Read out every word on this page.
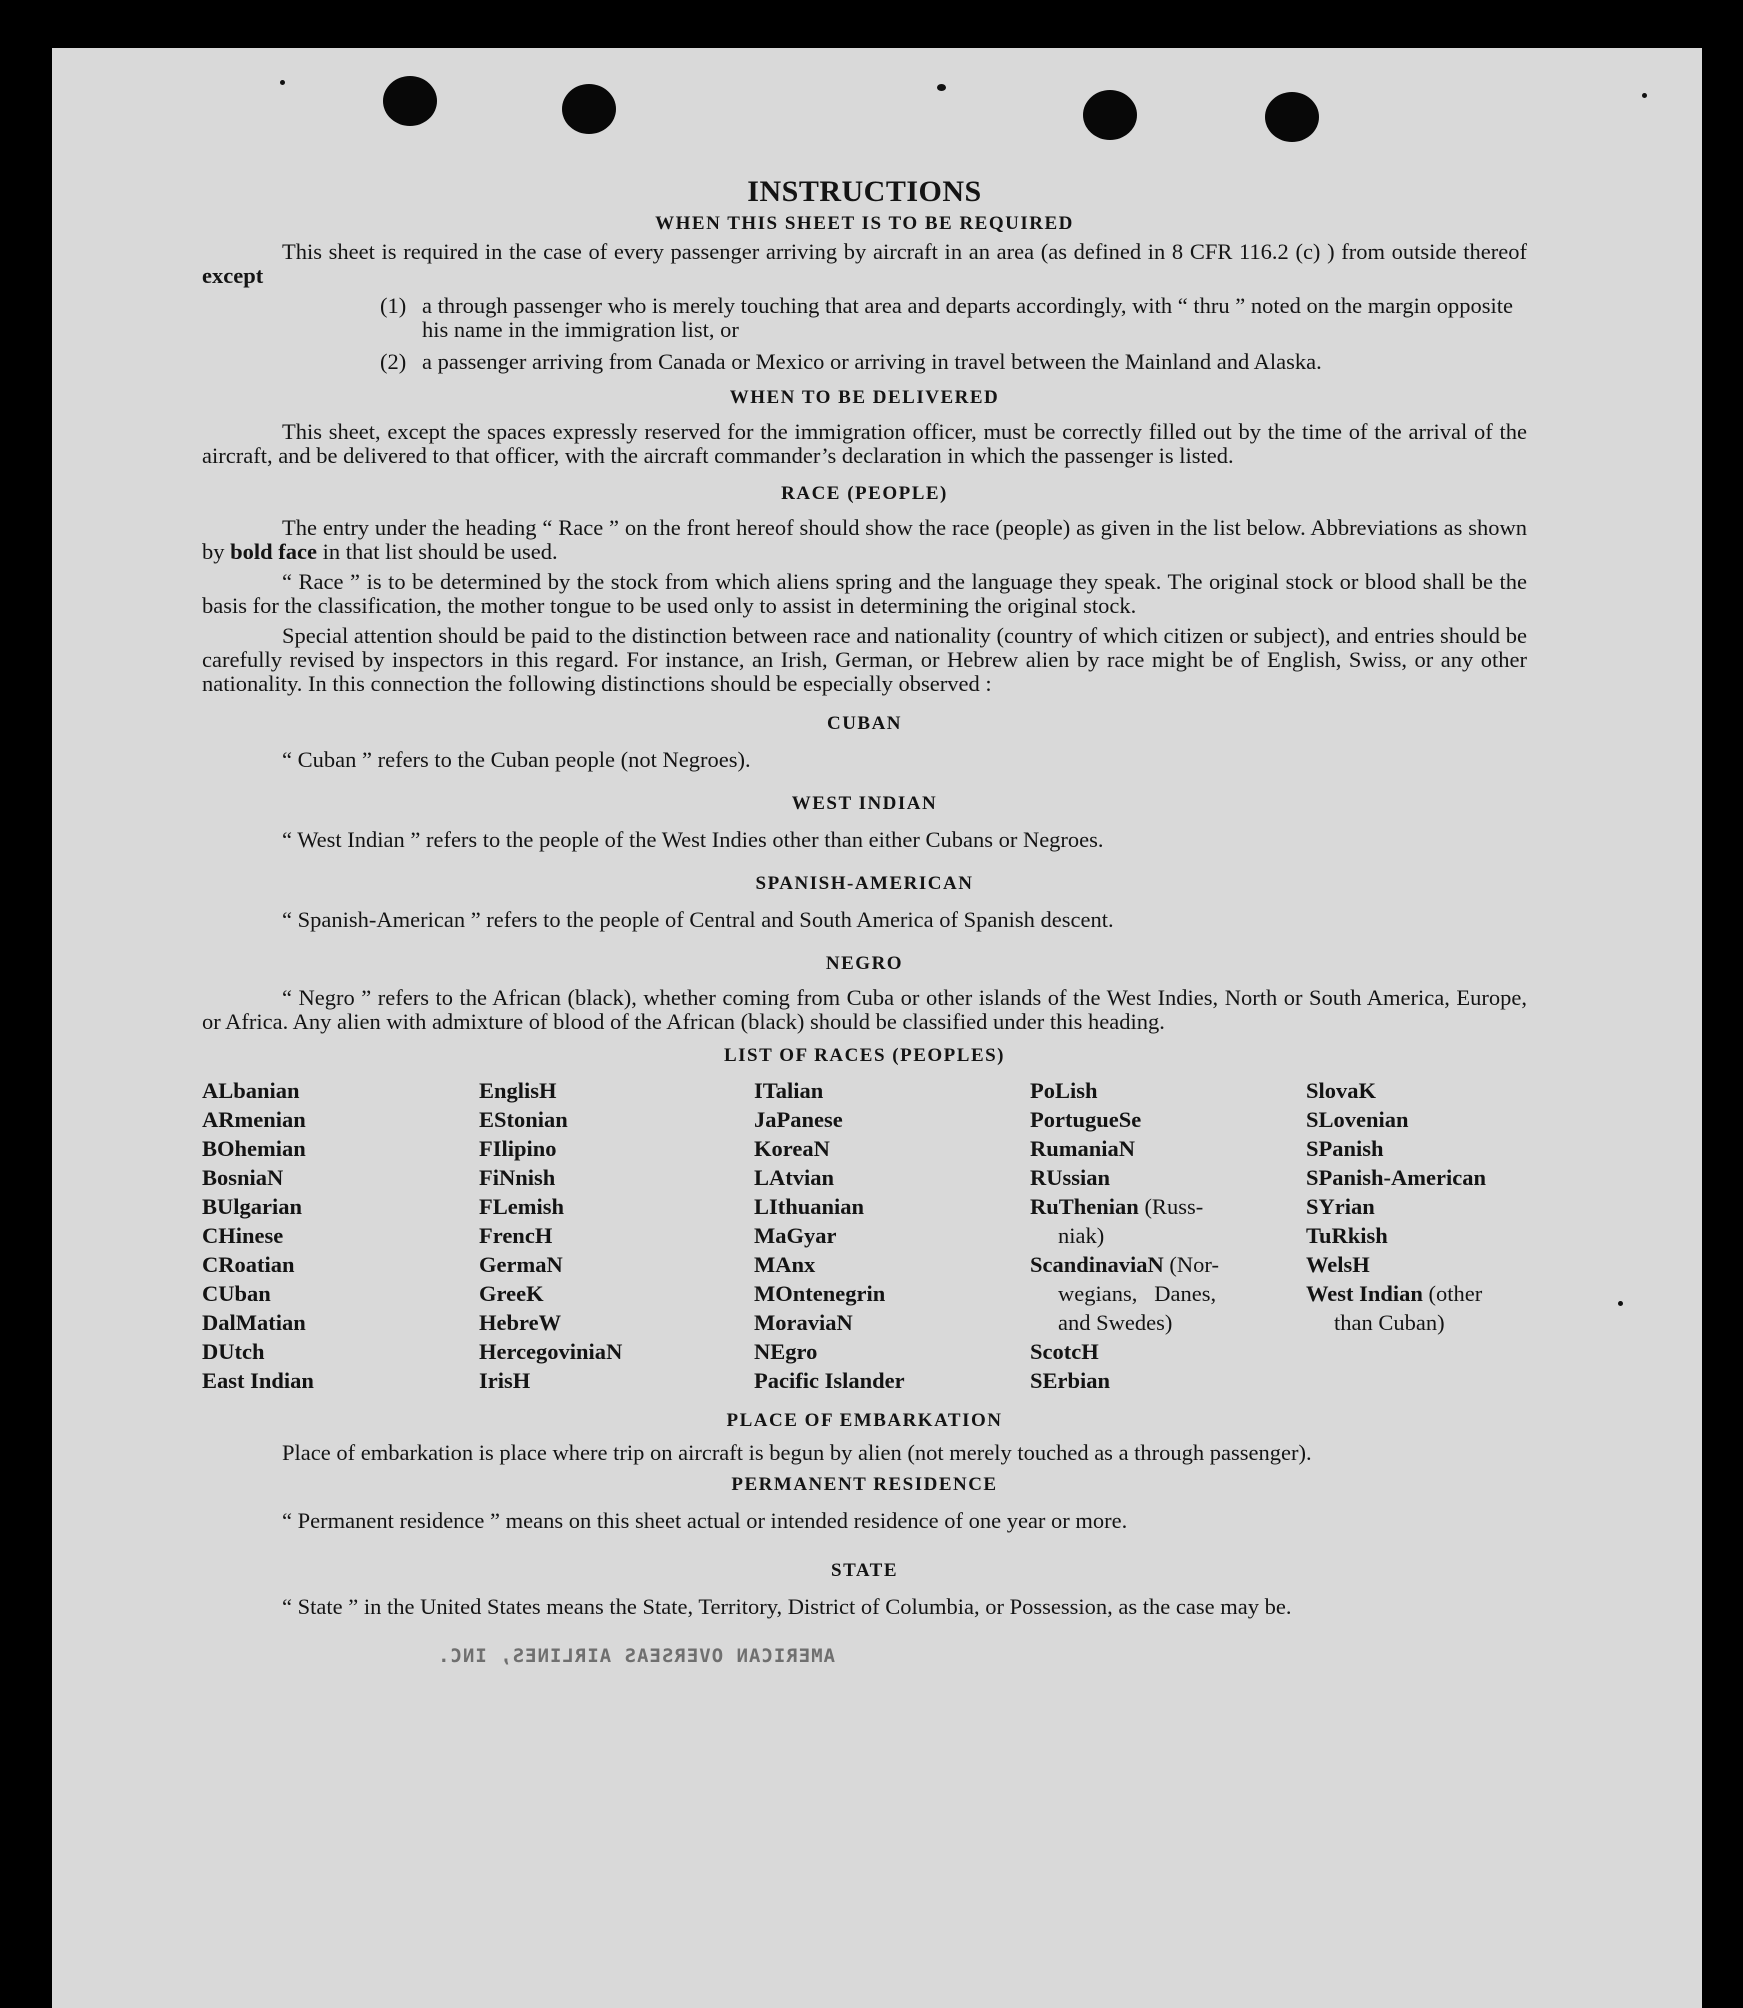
INSTRUCTIONS
WHEN THIS SHEET IS TO BE REQUIRED

This sheet is required in the case of every passenger arriving by aircraft in an area (as defined in 8 CFR 116.2 (c) ) from outside thereof except

(1) a through passenger who is merely touching that area and departs accordingly, with “ thru ” noted on the margin opposite his name in the immigration list, or
(2) a passenger arriving from Canada or Mexico or arriving in travel between the Mainland and Alaska.
WHEN TO BE DELIVERED

This sheet, except the spaces expressly reserved for the immigration officer, must be correctly filled out by the time of the arrival of the aircraft, and be delivered to that officer, with the aircraft commander’s declaration in which the passenger is listed.

RACE (PEOPLE)

The entry under the heading “ Race ” on the front hereof should show the race (people) as given in the list below. Abbreviations as shown by bold face in that list should be used.

“ Race ” is to be determined by the stock from which aliens spring and the language they speak. The original stock or blood shall be the basis for the classification, the mother tongue to be used only to assist in determining the original stock.

Special attention should be paid to the distinction between race and nationality (country of which citizen or subject), and entries should be carefully revised by inspectors in this regard. For instance, an Irish, German, or Hebrew alien by race might be of English, Swiss, or any other nationality. In this connection the following distinctions should be especially observed :

CUBAN

“ Cuban ” refers to the Cuban people (not Negroes).

WEST INDIAN

“ West Indian ” refers to the people of the West Indies other than either Cubans or Negroes.

SPANISH-AMERICAN

“ Spanish-American ” refers to the people of Central and South America of Spanish descent.

NEGRO

“ Negro ” refers to the African (black), whether coming from Cuba or other islands of the West Indies, North or South America, Europe, or Africa. Any alien with admixture of blood of the African (black) should be classified under this heading.

LIST OF RACES (PEOPLES)
ALbanian
ARmenian
BOhemian
BosniaN
BUlgarian
CHinese
CRoatian
CUban
DalMatian
DUtch
East Indian
EnglisH
EStonian
FIlipino
FiNnish
FLemish
FrencH
GermaN
GreeK
HebreW
HercegoviniaN
IrisH
ITalian
JaPanese
KoreaN
LAtvian
LIthuanian
MaGyar
MAnx
MOntenegrin
MoraviaN
NEgro
Pacific Islander
PoLish
PortugueSe
RumaniaN
RUssian
RuThenian (Russ-
niak)
ScandinaviaN (Nor-
wegians,   Danes,
and Swedes)
ScotcH
SErbian
SlovaK
SLovenian
SPanish
SPanish-American
SYrian
TuRkish
WelsH
West Indian (other
than Cuban)
PLACE OF EMBARKATION

Place of embarkation is place where trip on aircraft is begun by alien (not merely touched as a through passenger).

PERMANENT RESIDENCE

“ Permanent residence ” means on this sheet actual or intended residence of one year or more.

STATE

“ State ” in the United States means the State, Territory, District of Columbia, or Possession, as the case may be.

AMERICAN OVERSEAS AIRLINES, INC.
